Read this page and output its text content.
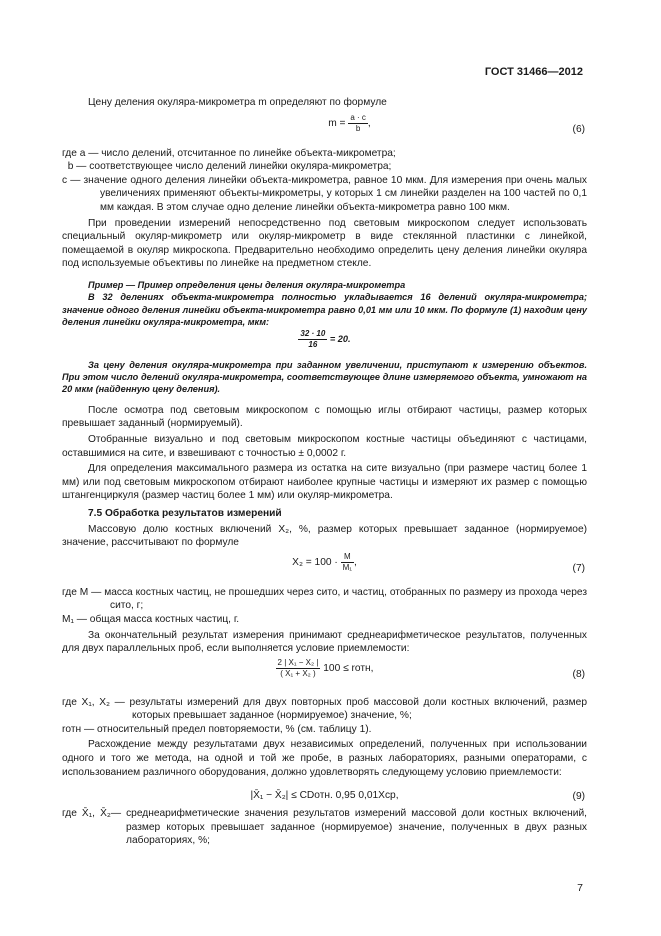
ГОСТ 31466—2012

Цену деления окуляра-микрометра m определяют по формуле

$m = \frac{a \cdot c}{b}$ ,
(6)

где a — число делений, отсчитанное по линейке объекта-микрометра;

b — соответствующее число делений линейки окуляра-микрометра;

c — значение одного деления линейки объекта-микрометра, равное 10 мкм. Для измерения при очень малых увеличениях применяют объекты-микрометры, у которых 1 см линейки разделен на 100 частей по 0,1 мм каждая. В этом случае одно деление линейки объекта-микрометра равно 100 мкм.

При проведении измерений непосредственно под световым микроскопом следует использовать специальный окуляр-микрометр или окуляр-микрометр в виде стеклянной пластинки с линейкой, помещаемой в окуляр микроскопа. Предварительно необходимо определить цену деления линейки окуляра под используемые объективы по линейке на предметном стекле.

Пример — Пример определения цены деления окуляра-микрометра

В 32 делениях объекта-микрометра полностью укладывается 16 делений окуляра-микрометра; значение одного деления линейки объекта-микрометра равно 0,01 мм или 10 мкм. По формуле (1) находим цену деления линейки окуляра-микрометра, мкм:

$\frac{32 \cdot 10}{16} = 20$.

За цену деления окуляра-микрометра при заданном увеличении, приступают к измерению объектов. При этом число делений окуляра-микрометра, соответствующее длине измеряемого объекта, умножают на 20 мкм (найденную цену деления).

После осмотра под световым микроскопом с помощью иглы отбирают частицы, размер которых превышает заданный (нормируемый).

Отобранные визуально и под световым микроскопом костные частицы объединяют с частицами, оставшимися на сите, и взвешивают с точностью ± 0,0002 г.

Для определения максимального размера из остатка на сите визуально (при размере частиц более 1 мм) или под световым микроскопом отбирают наиболее крупные частицы и измеряют их размер с помощью штангенциркуля (размер частиц более 1 мм) или окуляр-микрометра.

7.5 Обработка результатов измерений

Массовую долю костных включений X₂, %, размер которых превышает заданное (нормируемое) значение, рассчитывают по формуле

$X_2 = 100 \cdot \frac{M}{\text{M₁}}$ ,
(7)

где M — масса костных частиц, не прошедших через сито, и частиц, отобранных по размеру из прохода через сито, г;

M₁ — общая масса костных частиц, г.

За окончательный результат измерения принимают среднеарифметическое результатов, полученных для двух параллельных проб, если выполняется условие приемлемости:

$\frac{\text{2 | X₁ − X₂ |}}{\text{( X₁ + X₂ )}} 100$ ≤ rотн,
(8)

где X₁, X₂ — результаты измерений для двух повторных проб массовой доли костных включений, размер которых превышает заданное (нормируемое) значение, %;

rотн — относительный предел повторяемости, % (см. таблицу 1).

Расхождение между результатами двух независимых определений, полученных при использовании одного и того же метода, на одной и той же пробе, в разных лабораториях, разными операторами, с использованием различного оборудования, должно удовлетворять следующему условию приемлемости:

|X̄₁ − X̄₂| ≤ CDотн. 0,95 0,01Xср,	(9)

где X̄₁, X̄₂— среднеарифметические значения результатов измерений массовой доли костных включений, размер которых превышает заданное (нормируемое) значение, полученных в двух разных лабораториях, %;

7
